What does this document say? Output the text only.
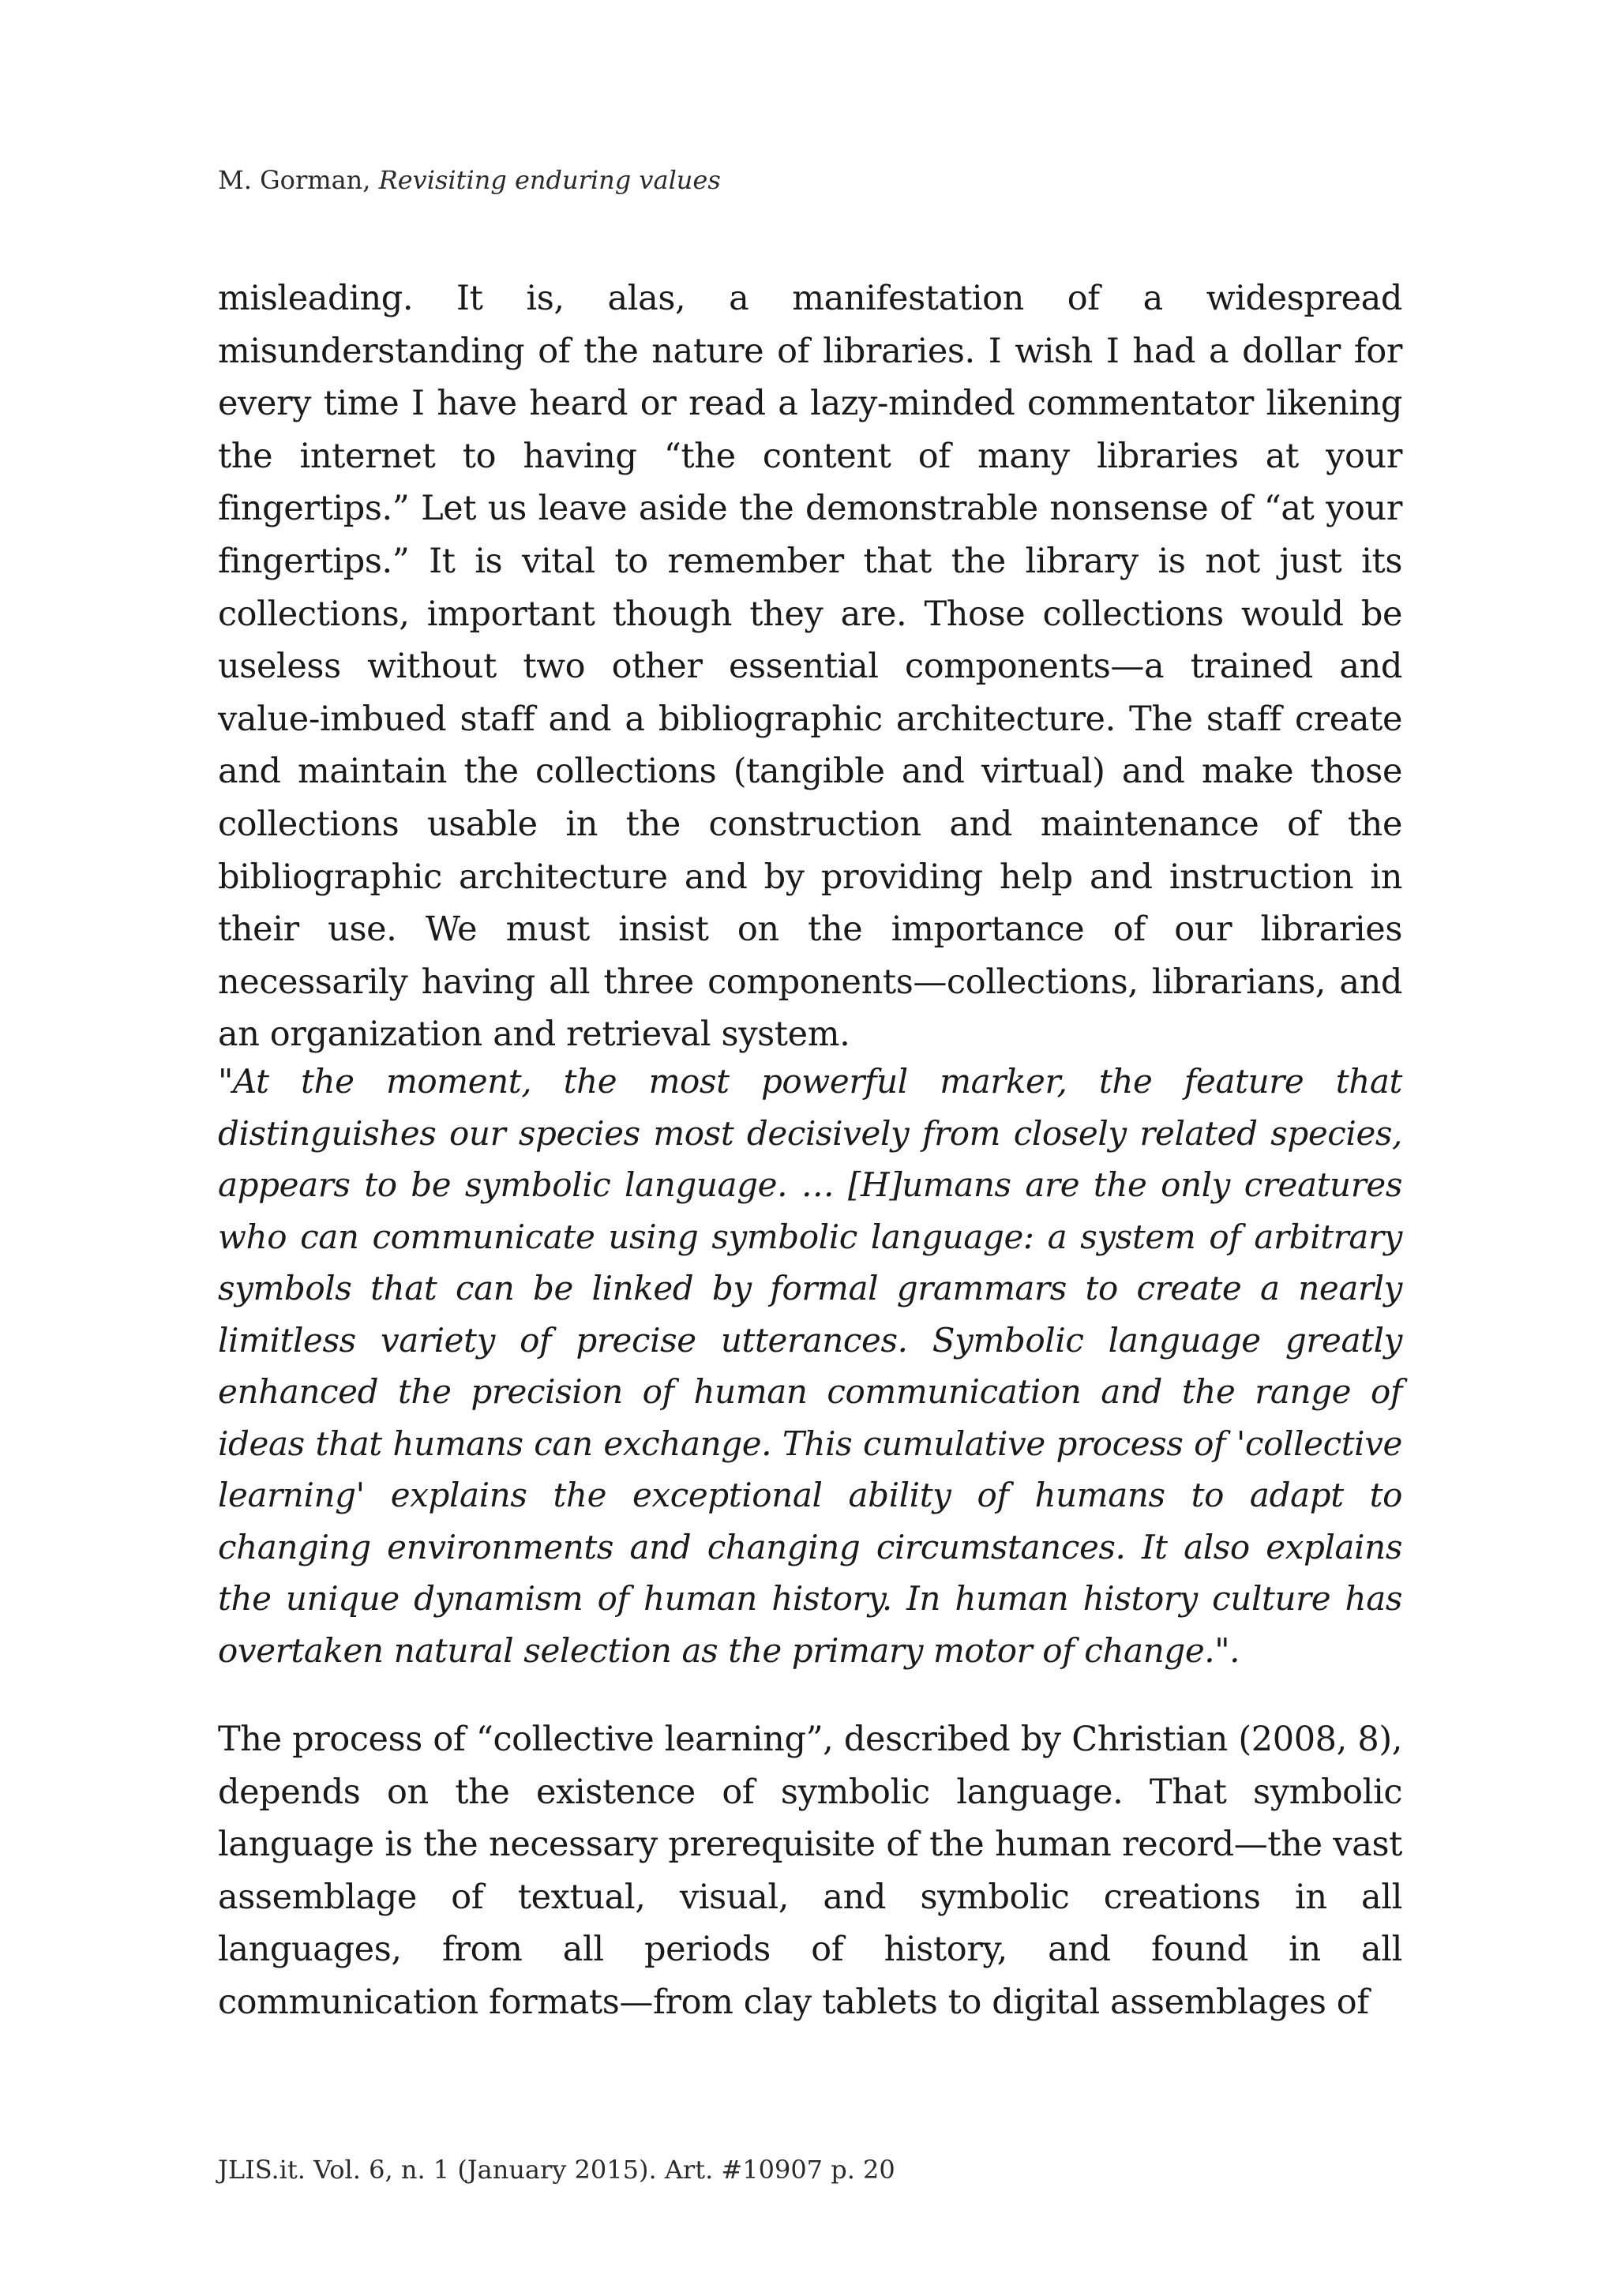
M. Gorman, Revisiting enduring values

misleading. It is, alas, a manifestation of a widespread misunderstanding of the nature of libraries. I wish I had a dollar for every time I have heard or read a lazy-minded commentator likening the internet to having “the content of many libraries at your fingertips.” Let us leave aside the demonstrable nonsense of “at your fingertips.” It is vital to remember that the library is not just its collections, important though they are. Those collections would be useless without two other essential components—a trained and value-imbued staff and a bibliographic architecture. The staff create and maintain the collections (tangible and virtual) and make those collections usable in the construction and maintenance of the bibliographic architecture and by providing help and instruction in their use. We must insist on the importance of our libraries necessarily having all three components—collections, librarians, and an organization and retrieval system.

"At the moment, the most powerful marker, the feature that distinguishes our species most decisively from closely related species, appears to be symbolic language. … [H]umans are the only creatures who can communicate using symbolic language: a system of arbitrary symbols that can be linked by formal grammars to create a nearly limitless variety of precise utterances. Symbolic language greatly enhanced the precision of human communication and the range of ideas that humans can exchange. This cumulative process of 'collective learning' explains the exceptional ability of humans to adapt to changing environments and changing circumstances. It also explains the unique dynamism of human history. In human history culture has overtaken natural selection as the primary motor of change.".

The process of “collective learning”, described by Christian (2008, 8), depends on the existence of symbolic language. That symbolic language is the necessary prerequisite of the human record—the vast assemblage of textual, visual, and symbolic creations in all languages, from all periods of history, and found in all communication formats—from clay tablets to digital assemblages of

JLIS.it. Vol. 6, n. 1 (January 2015). Art. #10907 p. 20
